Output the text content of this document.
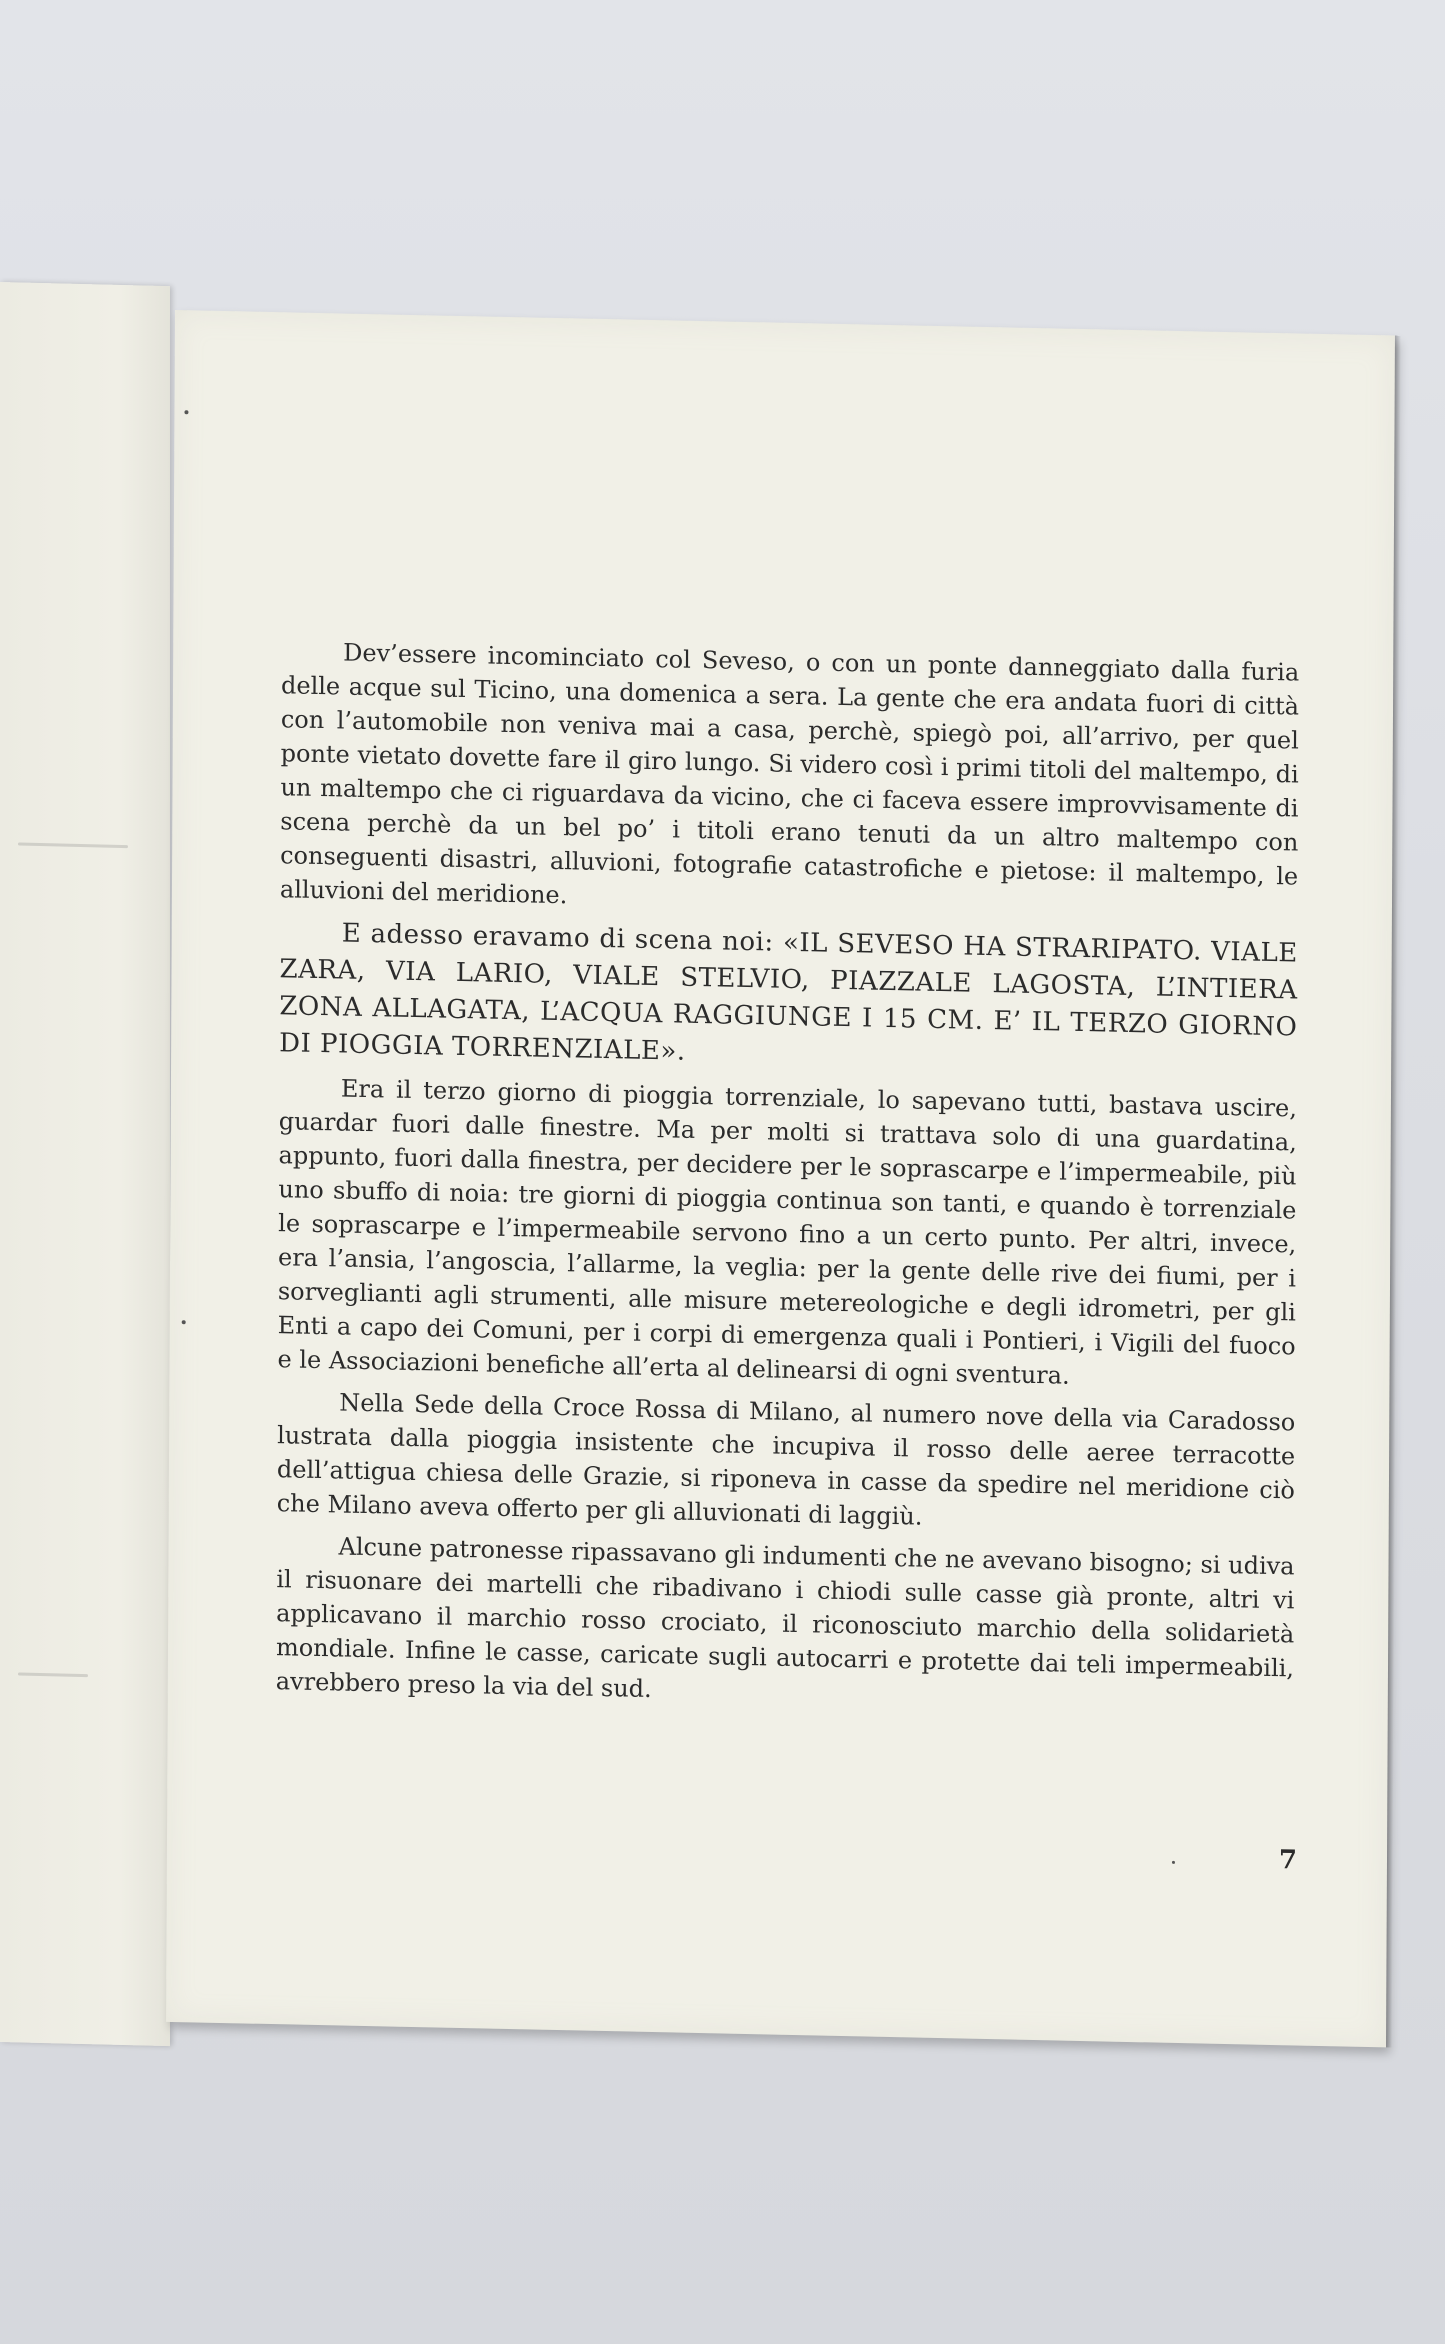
Dev’essere incominciato col Seveso, o con un ponte danneggiato dalla furia delle acque sul Ticino, una domenica a sera. La gente che era andata fuori di città con l’automobile non veniva mai a casa, perchè, spiegò poi, all’arrivo, per quel ponte vietato dovette fare il giro lungo. Si videro così i primi titoli del maltempo, di un maltempo che ci riguardava da vicino, che ci faceva essere improvvisamente di scena perchè da un bel po’ i titoli erano tenuti da un altro maltempo con conseguenti disastri, alluvioni, fotografie catastrofiche e pietose: il maltempo, le alluvioni del meridione.

E adesso eravamo di scena noi: «IL SEVESO HA STRARIPATO. VIALE ZARA, VIA LARIO, VIALE STELVIO, PIAZZALE LAGOSTA, L’INTIERA ZONA ALLAGATA, L’ACQUA RAGGIUNGE I 15 CM. E’ IL TERZO GIORNO DI PIOGGIA TORRENZIALE».

Era il terzo giorno di pioggia torrenziale, lo sapevano tutti, bastava uscire, guardar fuori dalle finestre. Ma per molti si trattava solo di una guardatina, appunto, fuori dalla finestra, per decidere per le soprascarpe e l’impermeabile, più uno sbuffo di noia: tre giorni di pioggia continua son tanti, e quando è torrenziale le soprascarpe e l’impermeabile servono fino a un certo punto. Per altri, invece, era l’ansia, l’angoscia, l’allarme, la veglia: per la gente delle rive dei fiumi, per i sorveglianti agli strumenti, alle misure metereologiche e degli idrometri, per gli Enti a capo dei Comuni, per i corpi di emergenza quali i Pontieri, i Vigili del fuoco e le Associazioni benefiche all’erta al delinearsi di ogni sventura.

Nella Sede della Croce Rossa di Milano, al numero nove della via Caradosso lustrata dalla pioggia insistente che incupiva il rosso delle aeree terracotte dell’attigua chiesa delle Grazie, si riponeva in casse da spedire nel meridione ciò che Milano aveva offerto per gli alluvionati di laggiù.

Alcune patronesse ripassavano gli indumenti che ne avevano bisogno; si udiva il risuonare dei martelli che ribadivano i chiodi sulle casse già pronte, altri vi applicavano il marchio rosso crociato, il riconosciuto marchio della solidarietà mondiale. Infine le casse, caricate sugli autocarri e protette dai teli impermeabili, avrebbero preso la via del sud.

7
